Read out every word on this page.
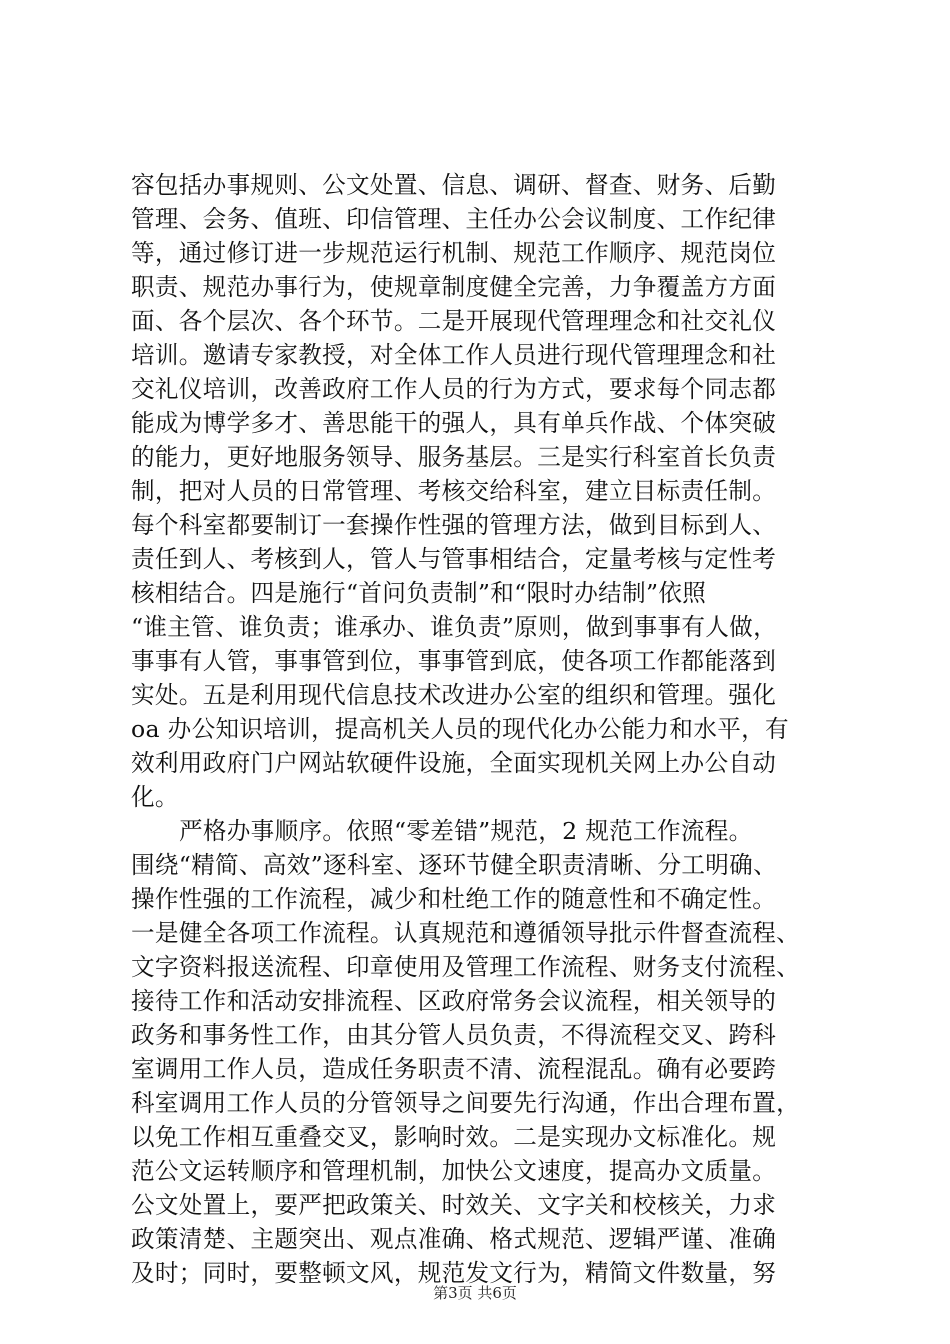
容包括办事规则、公文处置、信息、调研、督查、财务、后勤
管理、会务、值班、印信管理、主任办公会议制度、工作纪律
等，通过修订进一步规范运行机制、规范工作顺序、规范岗位
职责、规范办事行为，使规章制度健全完善，力争覆盖方方面
面、各个层次、各个环节。二是开展现代管理理念和社交礼仪
培训。邀请专家教授，对全体工作人员进行现代管理理念和社
交礼仪培训，改善政府工作人员的行为方式，要求每个同志都
能成为博学多才、善思能干的强人，具有单兵作战、个体突破
的能力，更好地服务领导、服务基层。三是实行科室首长负责
制，把对人员的日常管理、考核交给科室，建立目标责任制。
每个科室都要制订一套操作性强的管理方法，做到目标到人、
责任到人、考核到人，管人与管事相结合，定量考核与定性考
核相结合。四是施行“首问负责制”和“限时办结制”依照
“谁主管、谁负责；谁承办、谁负责”原则，做到事事有人做，
事事有人管，事事管到位，事事管到底，使各项工作都能落到
实处。五是利用现代信息技术改进办公室的组织和管理。强化
oa 办公知识培训，提高机关人员的现代化办公能力和水平，有
效利用政府门户网站软硬件设施，全面实现机关网上办公自动
化。
严格办事顺序。依照“零差错”规范，2 规范工作流程。
围绕“精简、高效”逐科室、逐环节健全职责清晰、分工明确、
操作性强的工作流程，减少和杜绝工作的随意性和不确定性。
一是健全各项工作流程。认真规范和遵循领导批示件督查流程、
文字资料报送流程、印章使用及管理工作流程、财务支付流程、
接待工作和活动安排流程、区政府常务会议流程，相关领导的
政务和事务性工作，由其分管人员负责，不得流程交叉、跨科
室调用工作人员，造成任务职责不清、流程混乱。确有必要跨
科室调用工作人员的分管领导之间要先行沟通，作出合理布置，
以免工作相互重叠交叉，影响时效。二是实现办文标准化。规
范公文运转顺序和管理机制，加快公文速度，提高办文质量。
公文处置上，要严把政策关、时效关、文字关和校核关，力求
政策清楚、主题突出、观点准确、格式规范、逻辑严谨、准确
及时；同时，要整顿文风，规范发文行为，精简文件数量，努
第3页 共6页
